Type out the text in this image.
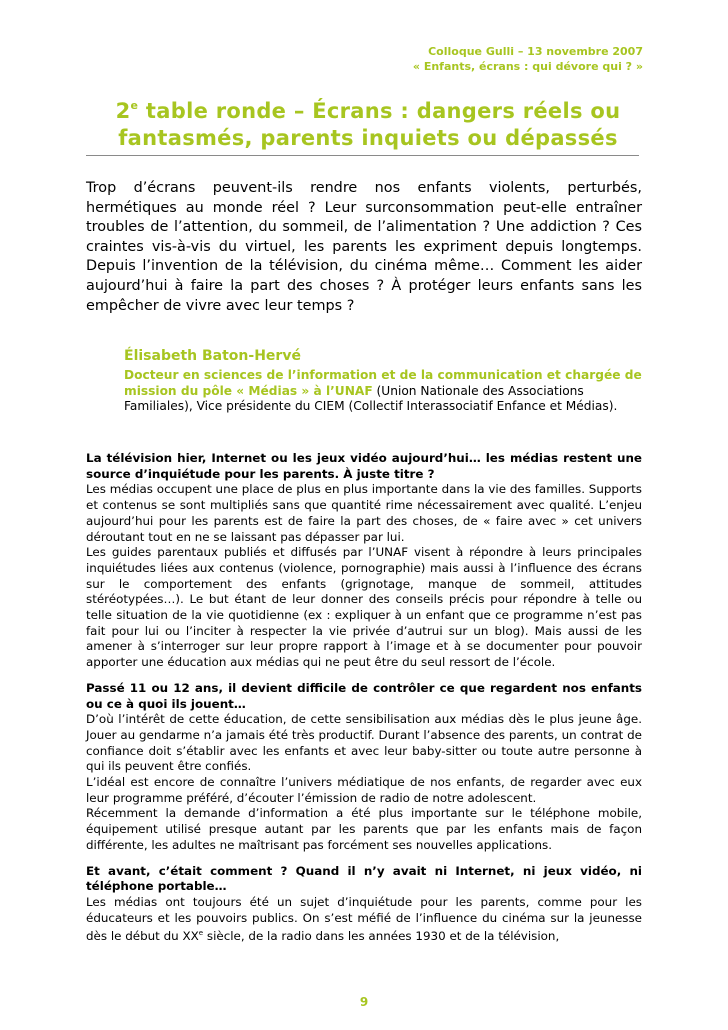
Colloque Gulli – 13 novembre 2007
« Enfants, écrans : qui dévore qui ? »
2e table ronde – Écrans : dangers réels ou
fantasmés, parents inquiets ou dépassés
Trop d’écrans peuvent-ils rendre nos enfants violents, perturbés, hermétiques au monde réel ? Leur surconsommation peut-elle entraîner troubles de l’attention, du sommeil, de l’alimentation ? Une addiction ? Ces craintes vis-à-vis du virtuel, les parents les expriment depuis longtemps. Depuis l’invention de la télévision, du cinéma même… Comment les aider aujourd’hui à faire la part des choses ? À protéger leurs enfants sans les empêcher de vivre avec leur temps ?
Élisabeth Baton-Hervé
Docteur en sciences de l’information et de la communication et chargée de mission du pôle « Médias » à l’UNAF (Union Nationale des Associations Familiales), Vice présidente du CIEM (Collectif Interassociatif Enfance et Médias).

La télévision hier, Internet ou les jeux vidéo aujourd’hui… les médias restent une source d’inquiétude pour les parents. À juste titre ?

Les médias occupent une place de plus en plus importante dans la vie des familles. Supports et contenus se sont multipliés sans que quantité rime nécessairement avec qualité. L’enjeu aujourd’hui pour les parents est de faire la part des choses, de « faire avec » cet univers déroutant tout en ne se laissant pas dépasser par lui.

Les guides parentaux publiés et diffusés par l’UNAF visent à répondre à leurs principales inquiétudes liées aux contenus (violence, pornographie) mais aussi à l’influence des écrans sur le comportement des enfants (grignotage, manque de sommeil, attitudes stéréotypées…). Le but étant de leur donner des conseils précis pour répondre à telle ou telle situation de la vie quotidienne (ex : expliquer à un enfant que ce programme n’est pas fait pour lui ou l’inciter à respecter la vie privée d’autrui sur un blog). Mais aussi de les amener à s’interroger sur leur propre rapport à l’image et à se documenter pour pouvoir apporter une éducation aux médias qui ne peut être du seul ressort de l’école.

Passé 11 ou 12 ans, il devient difficile de contrôler ce que regardent nos enfants ou ce à quoi ils jouent…

D’où l’intérêt de cette éducation, de cette sensibilisation aux médias dès le plus jeune âge. Jouer au gendarme n’a jamais été très productif. Durant l’absence des parents, un contrat de confiance doit s’établir avec les enfants et avec leur baby-sitter ou toute autre personne à qui ils peuvent être confiés.

L’idéal est encore de connaître l’univers médiatique de nos enfants, de regarder avec eux leur programme préféré, d’écouter l’émission de radio de notre adolescent.

Récemment la demande d’information a été plus importante sur le téléphone mobile, équipement utilisé presque autant par les parents que par les enfants mais de façon différente, les adultes ne maîtrisant pas forcément ses nouvelles applications.

Et avant, c’était comment ? Quand il n’y avait ni Internet, ni jeux vidéo, ni téléphone portable…

Les médias ont toujours été un sujet d’inquiétude pour les parents, comme pour les éducateurs et les pouvoirs publics. On s’est méfié de l’influence du cinéma sur la jeunesse dès le début du XXe siècle, de la radio dans les années 1930 et de la télévision,

9
